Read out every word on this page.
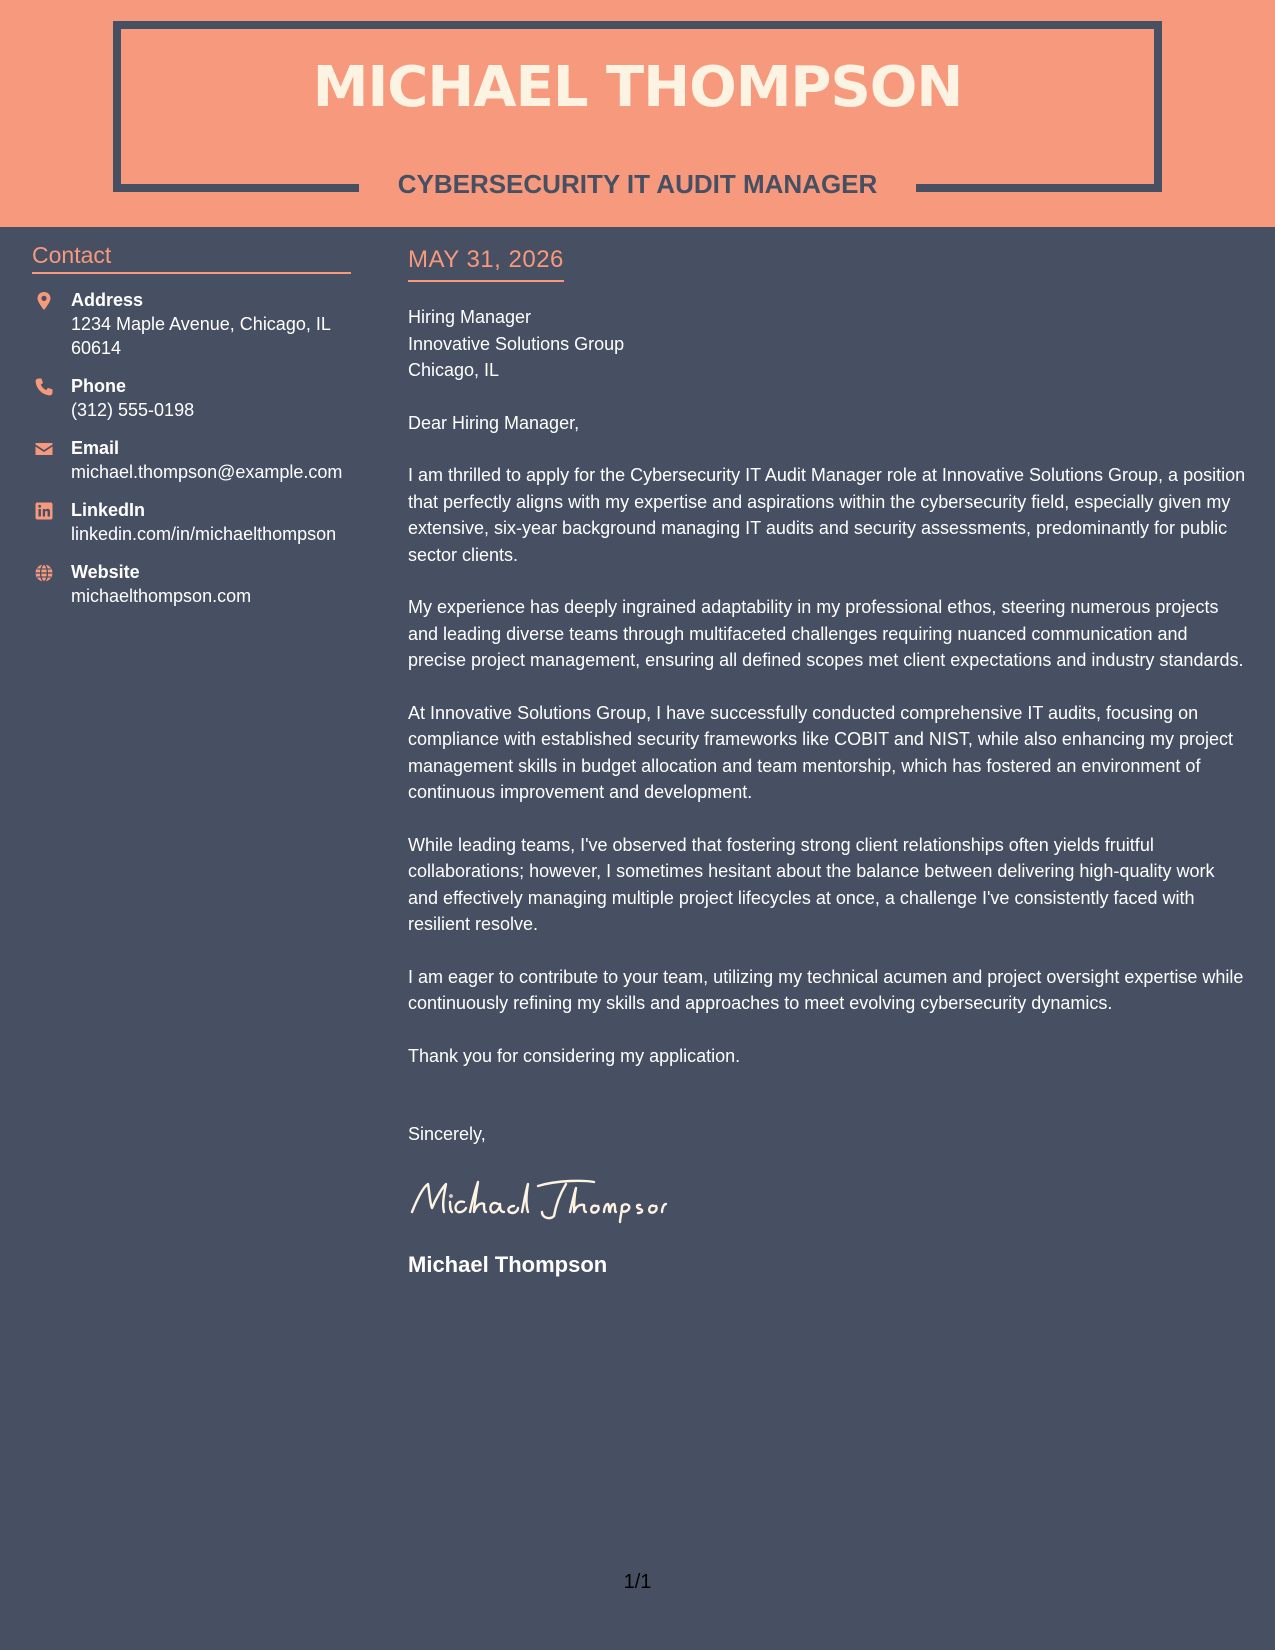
MICHAEL THOMPSON
CYBERSECURITY IT AUDIT MANAGER
Contact
Address
1234 Maple Avenue, Chicago, IL 60614
Phone
(312) 555-0198
Email
michael.thompson@example.com
LinkedIn
linkedin.com/in/michaelthompson
Website
michaelthompson.com
MAY 31, 2026
Hiring Manager
Innovative Solutions Group
Chicago, IL

Dear Hiring Manager,

I am thrilled to apply for the Cybersecurity IT Audit Manager role at Innovative Solutions Group, a position that perfectly aligns with my expertise and aspirations within the cybersecurity field, especially given my extensive, six-year background managing IT audits and security assessments, predominantly for public sector clients.

My experience has deeply ingrained adaptability in my professional ethos, steering numerous projects and leading diverse teams through multifaceted challenges requiring nuanced communication and precise project management, ensuring all defined scopes met client expectations and industry standards.

At Innovative Solutions Group, I have successfully conducted comprehensive IT audits, focusing on compliance with established security frameworks like COBIT and NIST, while also enhancing my project management skills in budget allocation and team mentorship, which has fostered an environment of continuous improvement and development.

While leading teams, I've observed that fostering strong client relationships often yields fruitful collaborations; however, I sometimes hesitant about the balance between delivering high-quality work and effectively managing multiple project lifecycles at once, a challenge I've consistently faced with resilient resolve.

I am eager to contribute to your team, utilizing my technical acumen and project oversight expertise while continuously refining my skills and approaches to meet evolving cybersecurity dynamics.

Thank you for considering my application.

Sincerely,
Michael Thompson
1/1
